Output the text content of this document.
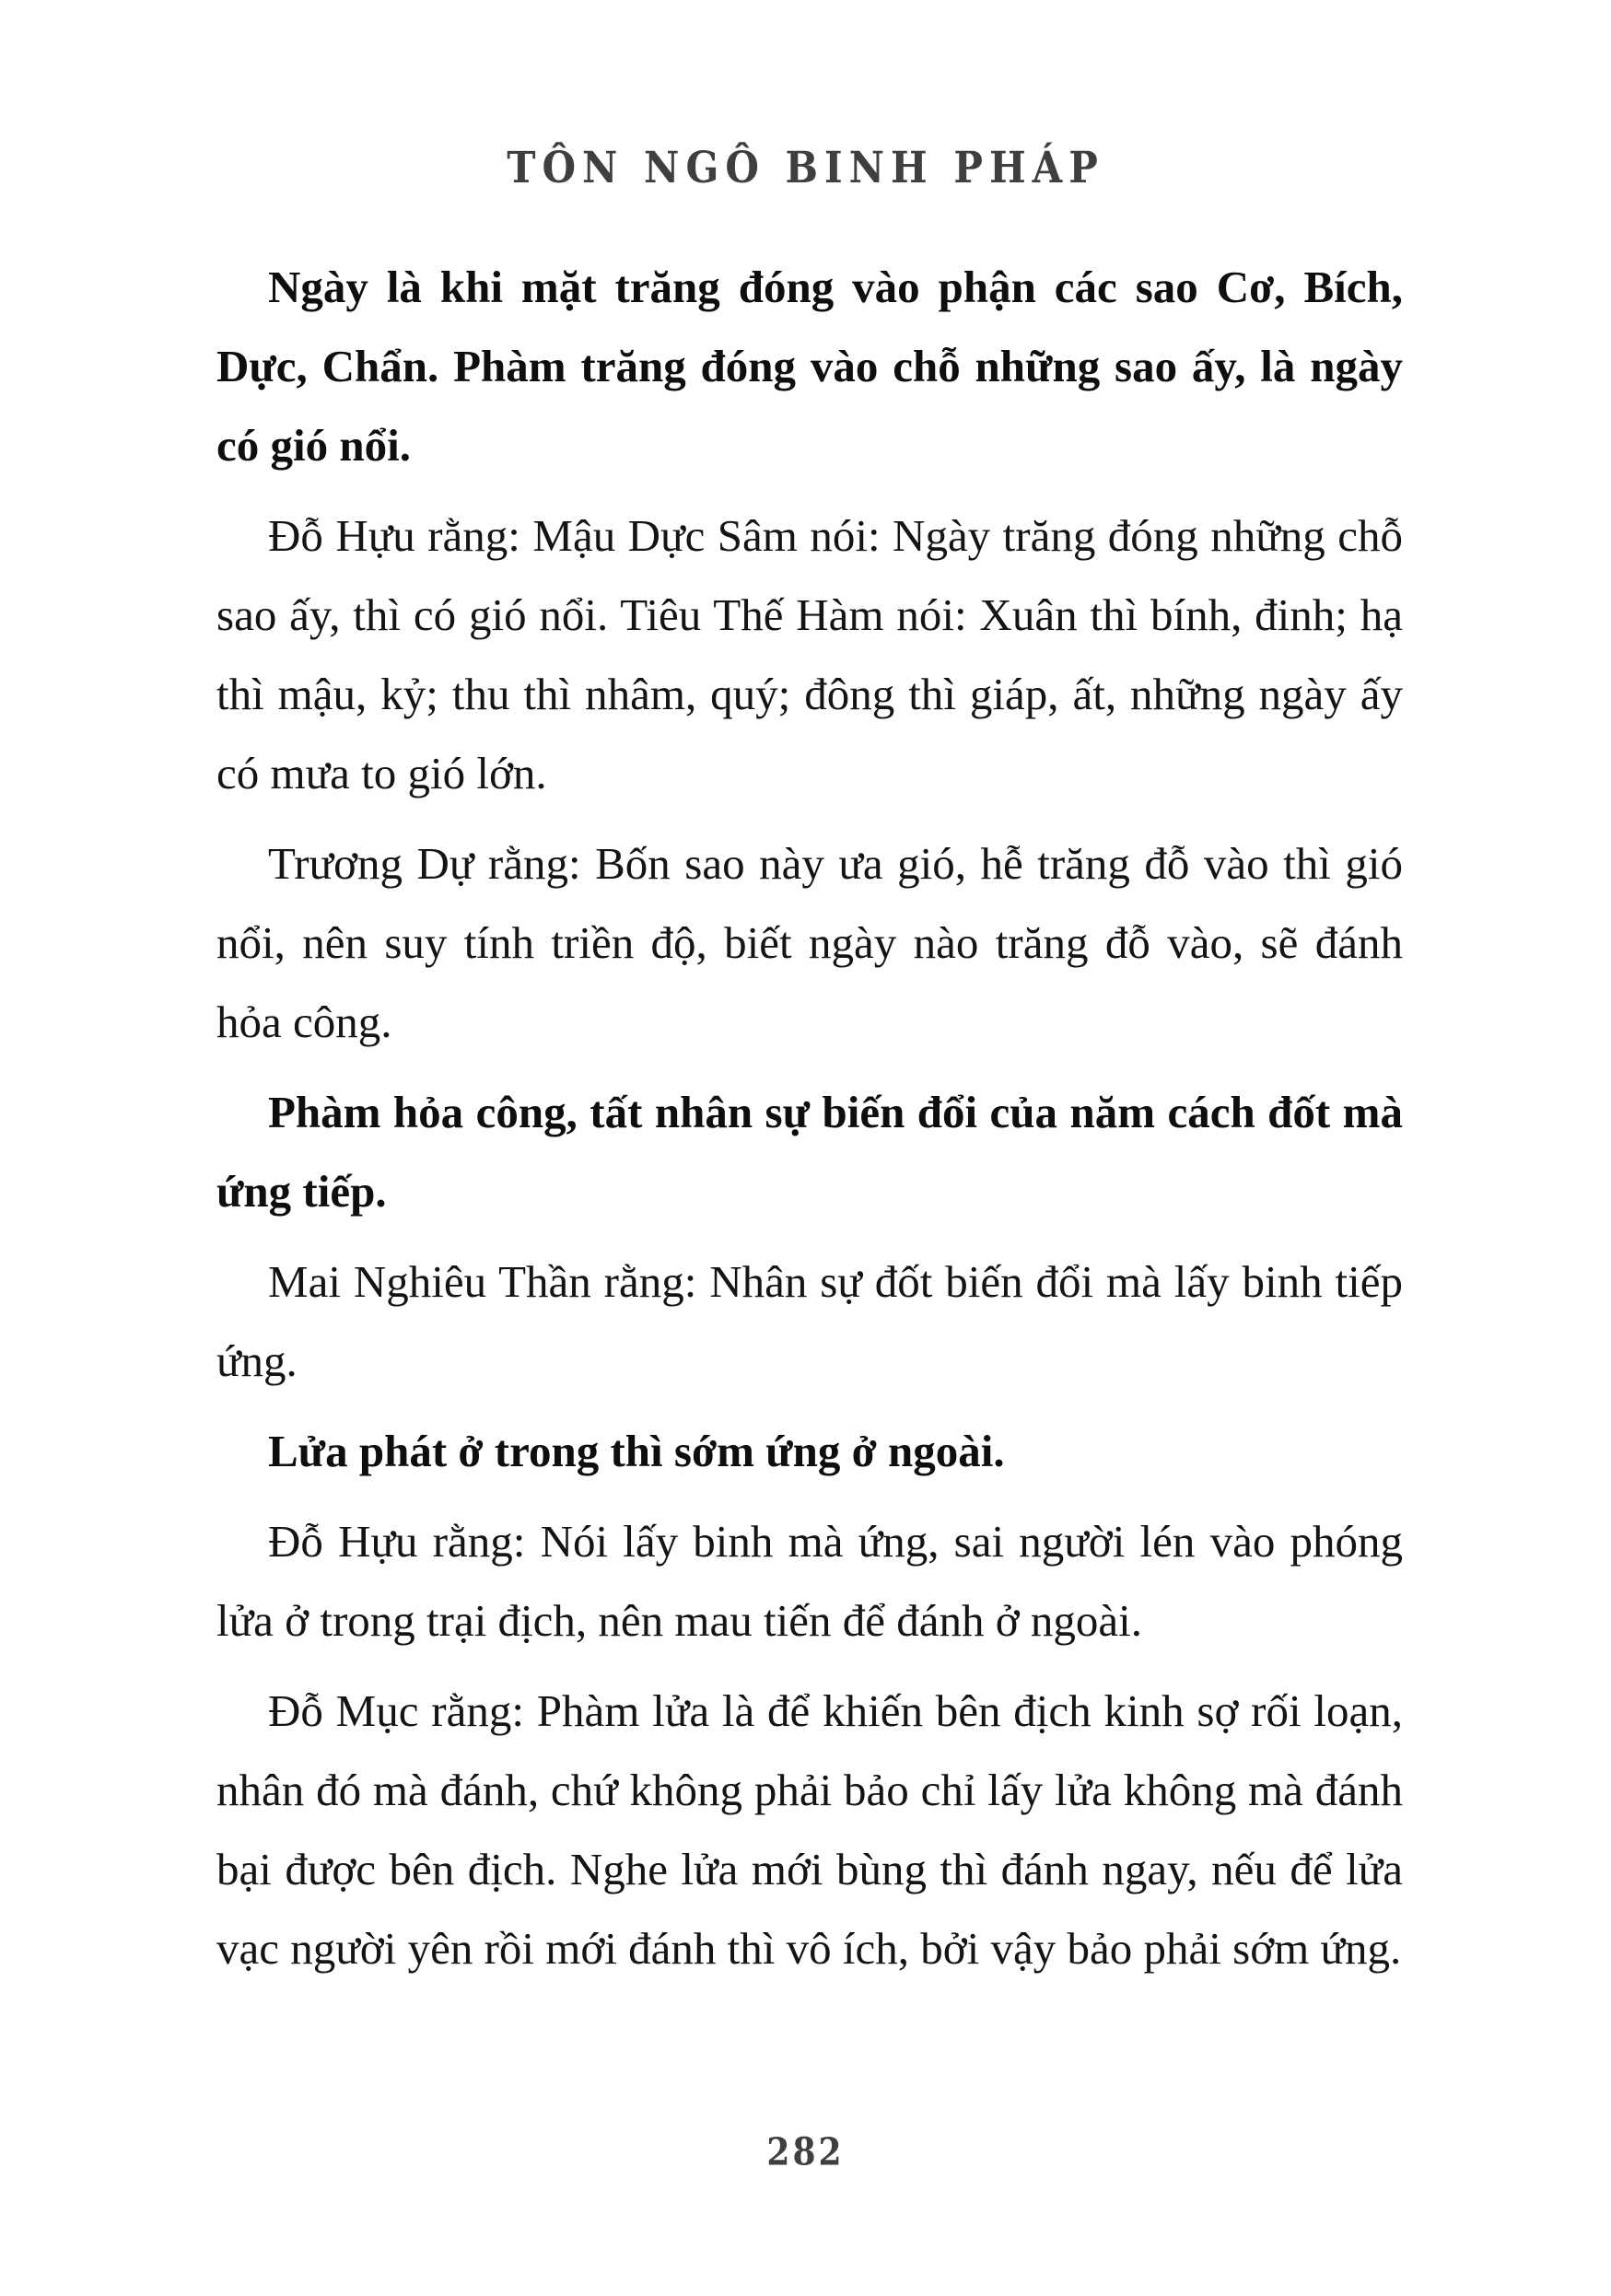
TÔN NGÔ BINH PHÁP

Ngày là khi mặt trăng đóng vào phận các sao Cơ, Bích, Dực, Chẩn. Phàm trăng đóng vào chỗ những sao ấy, là ngày có gió nổi.

Đỗ Hựu rằng: Mậu Dực Sâm nói: Ngày trăng đóng những chỗ sao ấy, thì có gió nổi. Tiêu Thế Hàm nói: Xuân thì bính, đinh; hạ thì mậu, kỷ; thu thì nhâm, quý; đông thì giáp, ất, những ngày ấy có mưa to gió lớn.

Trương Dự rằng: Bốn sao này ưa gió, hễ trăng đỗ vào thì gió nổi, nên suy tính triền độ, biết ngày nào trăng đỗ vào, sẽ đánh hỏa công.

Phàm hỏa công, tất nhân sự biến đổi của năm cách đốt mà ứng tiếp.

Mai Nghiêu Thần rằng: Nhân sự đốt biến đổi mà lấy binh tiếp ứng.

Lửa phát ở trong thì sớm ứng ở ngoài.

Đỗ Hựu rằng: Nói lấy binh mà ứng, sai người lén vào phóng lửa ở trong trại địch, nên mau tiến để đánh ở ngoài.

Đỗ Mục rằng: Phàm lửa là để khiến bên địch kinh sợ rối loạn, nhân đó mà đánh, chứ không phải bảo chỉ lấy lửa không mà đánh bại được bên địch. Nghe lửa mới bùng thì đánh ngay, nếu để lửa vạc người yên rồi mới đánh thì vô ích, bởi vậy bảo phải sớm ứng.

282
